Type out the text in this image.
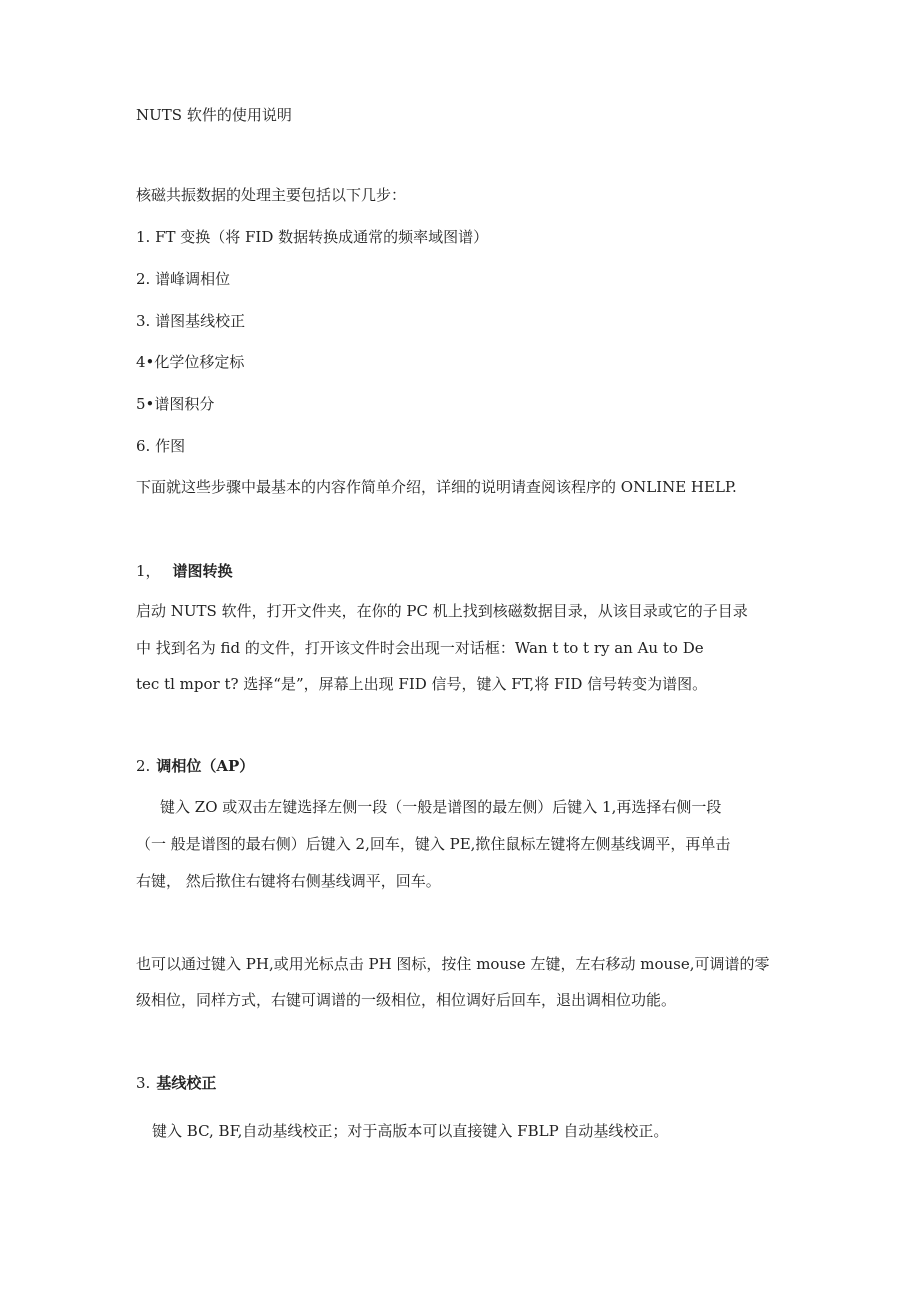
NUTS 软件的使用说明
核磁共振数据的处理主要包括以下几步：
1. FT 变换（将 FID 数据转换成通常的频率域图谱）
2. 谱峰调相位
3. 谱图基线校正
4•化学位移定标
5•谱图积分
6. 作图
下面就这些步骤中最基本的内容作简单介绍，详细的说明请查阅该程序的 ONLINE HELP.
1， 谱图转换
启动 NUTS 软件，打开文件夹，在你的 PC 机上找到核磁数据目录，从该目录或它的子目录
中 找到名为 fid 的文件，打开该文件时会出现一对话框：Wan t to t ry an Au to De
tec tl mpor t? 选择“是”，屏幕上出现 FID 信号，键入 FT,将 FID 信号转变为谱图。
2. 调相位（AP）
键入 ZO 或双击左键选择左侧一段（一般是谱图的最左侧）后键入 1,再选择右侧一段
（一 般是谱图的最右侧）后键入 2,回车，键入 PE,揿住鼠标左键将左侧基线调平，再单击
右键， 然后揿住右键将右侧基线调平，回车。
也可以通过键入 PH,或用光标点击 PH 图标，按住 mouse 左键，左右移动 mouse,可调谱的零
级相位，同样方式，右键可调谱的一级相位，相位调好后回车，退出调相位功能。
3. 基线校正
键入 BC, BF,自动基线校正；对于高版本可以直接键入 FBLP 自动基线校正。
